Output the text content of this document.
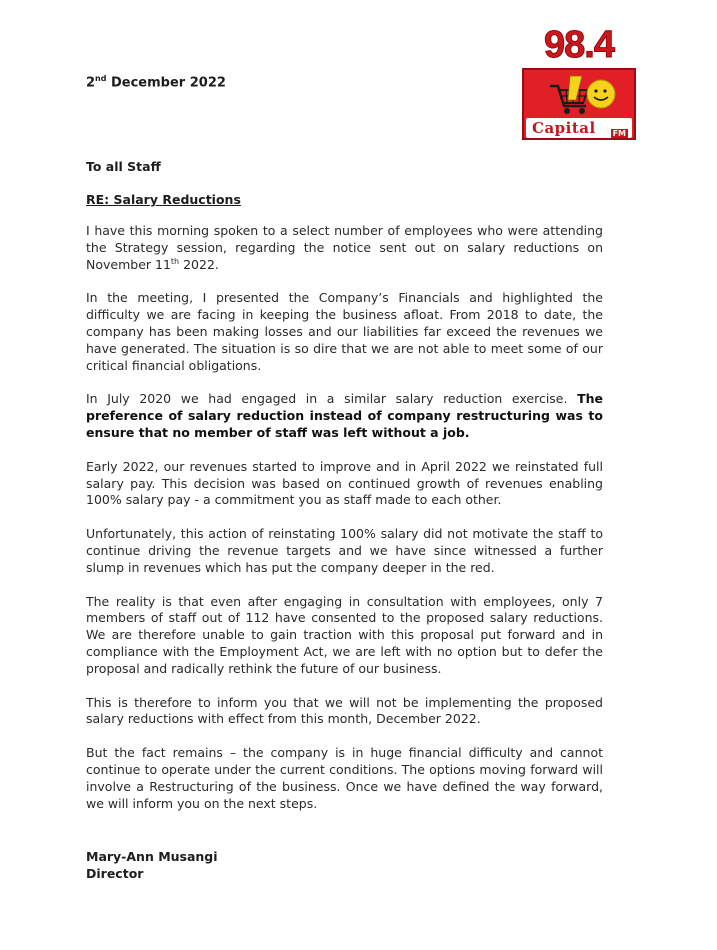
98.4
Capital FM
2nd December 2022
To all Staff
RE: Salary Reductions

I have this morning spoken to a select number of employees who were attending the Strategy session, regarding the notice sent out on salary reductions on November 11th 2022.

In the meeting, I presented the Company’s Financials and highlighted the difficulty we are facing in keeping the business afloat. From 2018 to date, the company has been making losses and our liabilities far exceed the revenues we have generated. The situation is so dire that we are not able to meet some of our critical financial obligations.

In July 2020 we had engaged in a similar salary reduction exercise. The preference of salary reduction instead of company restructuring was to ensure that no member of staff was left without a job.

Early 2022, our revenues started to improve and in April 2022 we reinstated full salary pay. This decision was based on continued growth of revenues enabling 100% salary pay - a commitment you as staff made to each other.

Unfortunately, this action of reinstating 100% salary did not motivate the staff to continue driving the revenue targets and we have since witnessed a further slump in revenues which has put the company deeper in the red.

The reality is that even after engaging in consultation with employees, only 7 members of staff out of 112 have consented to the proposed salary reductions. We are therefore unable to gain traction with this proposal put forward and in compliance with the Employment Act, we are left with no option but to defer the proposal and radically rethink the future of our business.

This is therefore to inform you that we will not be implementing the proposed salary reductions with effect from this month, December 2022.

But the fact remains – the company is in huge financial difficulty and cannot continue to operate under the current conditions. The options moving forward will involve a Restructuring of the business. Once we have defined the way forward, we will inform you on the next steps.

Mary-Ann Musangi
Director
